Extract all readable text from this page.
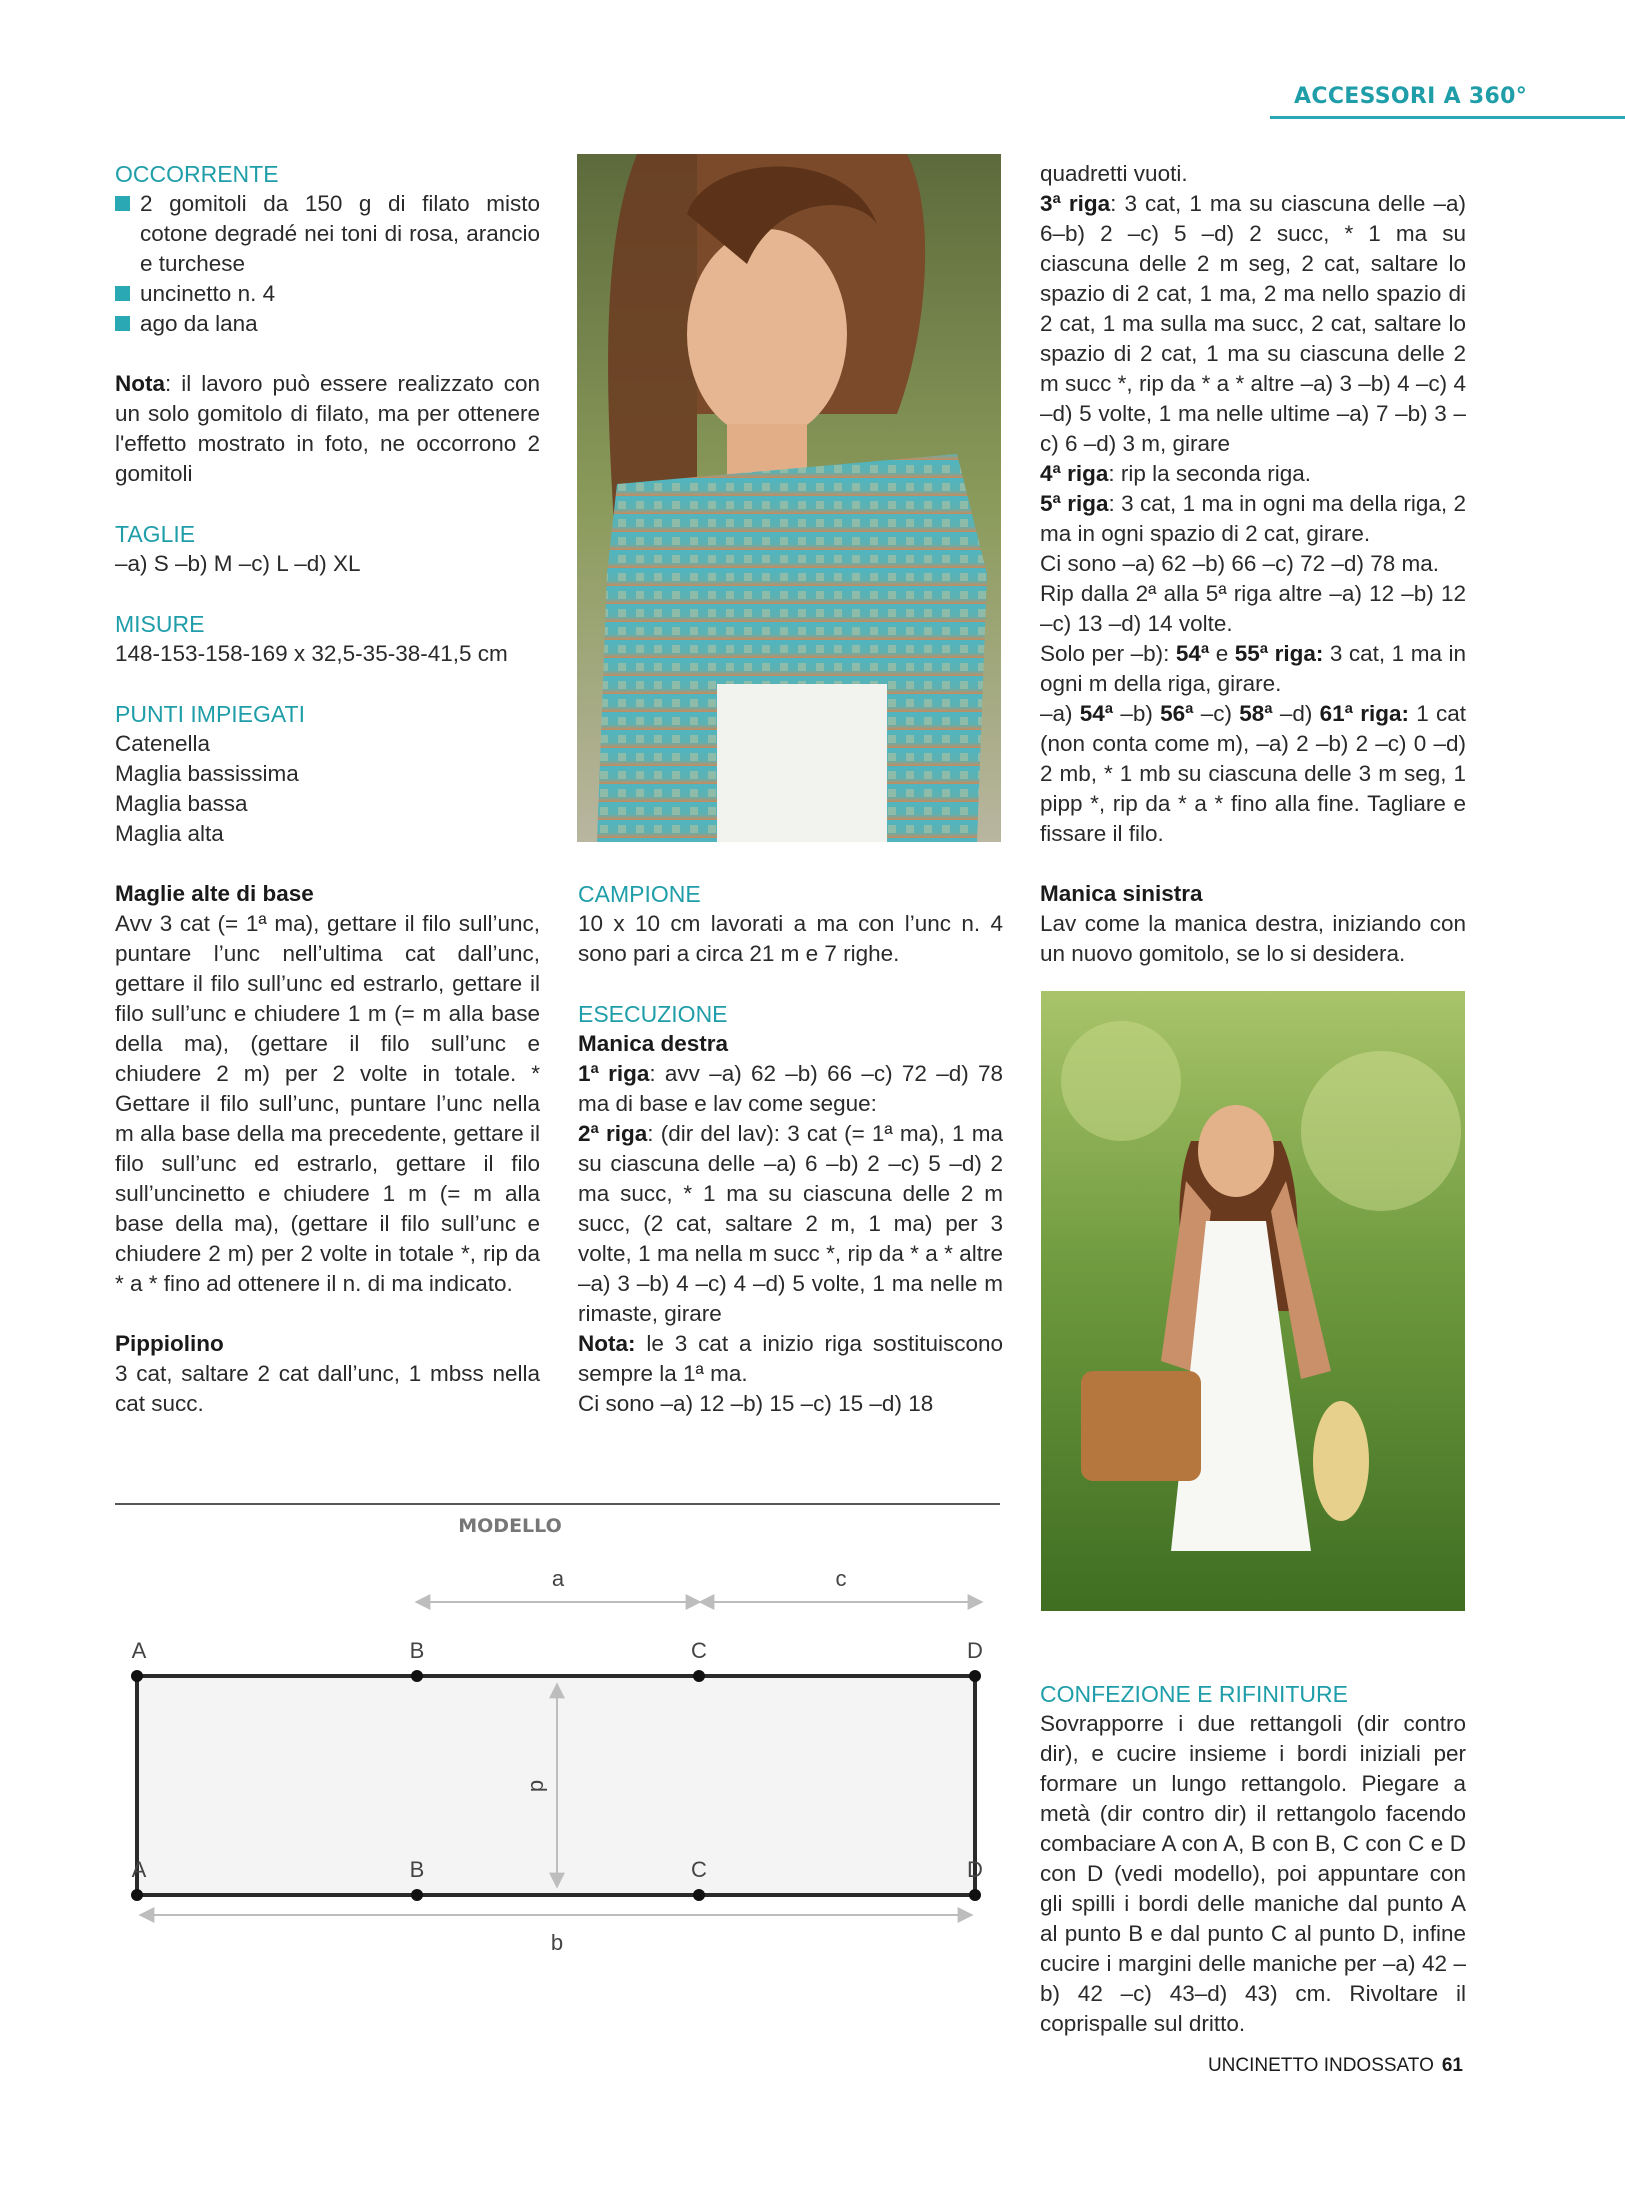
ACCESSORI A 360°
OCCORRENTE
2 gomitoli da 150 g di filato misto cotone degradé nei toni di rosa, arancio e turchese
uncinetto n. 4
ago da lana

Nota: il lavoro può essere realizzato con un solo gomitolo di filato, ma per ottenere l'effetto mostrato in foto, ne occorrono 2 gomitoli

TAGLIE
–a) S –b) M –c) L –d) XL
MISURE
148-153-158-169 x 32,5-35-38-41,5 cm
PUNTI IMPIEGATI
Catenella
Maglia bassissima
Maglia bassa
Maglia alta
Maglie alte di base

Avv 3 cat (= 1ª ma), gettare il filo sull’unc, puntare l’unc nell’ultima cat dall’unc, gettare il filo sull’unc ed estrarlo, gettare il filo sull’unc e chiudere 1 m (= m alla base della ma), (gettare il filo sull’unc e chiudere 2 m) per 2 volte in totale. * Gettare il filo sull’unc, puntare l’unc nella m alla base della ma precedente, gettare il filo sull’unc ed estrarlo, gettare il filo sull’uncinetto e chiudere 1 m (= m alla base della ma), (gettare il filo sull’unc e chiudere 2 m) per 2 volte in totale *, rip da * a * fino ad ottenere il n. di ma indicato.

Pippiolino

3 cat, saltare 2 cat dall’unc, 1 mbss nella cat succ.

CAMPIONE

10 x 10 cm lavorati a ma con l’unc n. 4 sono pari a circa 21 m e 7 righe.

ESECUZIONE
Manica destra

1ª riga: avv –a) 62 –b) 66 –c) 72 –d) 78 ma di base e lav come segue:

2ª riga: (dir del lav): 3 cat (= 1ª ma), 1 ma su ciascuna delle –a) 6 –b) 2 –c) 5 –d) 2 ma succ, * 1 ma su ciascuna delle 2 m succ, (2 cat, saltare 2 m, 1 ma) per 3 volte, 1 ma nella m succ *, rip da * a * altre –a) 3 –b) 4 –c) 4 –d) 5 volte, 1 ma nelle m rimaste, girare

Nota: le 3 cat a inizio riga sostituiscono sempre la 1ª ma.

Ci sono –a) 12 –b) 15 –c) 15 –d) 18

quadretti vuoti.

3ª riga: 3 cat, 1 ma su ciascuna delle –a) 6–b) 2 –c) 5 –d) 2 succ, * 1 ma su ciascuna delle 2 m seg, 2 cat, saltare lo spazio di 2 cat, 1 ma, 2 ma nello spazio di 2 cat, 1 ma sulla ma succ, 2 cat, saltare lo spazio di 2 cat, 1 ma su ciascuna delle 2 m succ *, rip da * a * altre –a) 3 –b) 4 –c) 4 –d) 5 volte, 1 ma nelle ultime –a) 7 –b) 3 –c) 6 –d) 3 m, girare

4ª riga: rip la seconda riga.

5ª riga: 3 cat, 1 ma in ogni ma della riga, 2 ma in ogni spazio di 2 cat, girare.

Ci sono –a) 62 –b) 66 –c) 72 –d) 78 ma.

Rip dalla 2ª alla 5ª riga altre –a) 12 –b) 12 –c) 13 –d) 14 volte.

Solo per –b): 54ª e 55ª riga: 3 cat, 1 ma in ogni m della riga, girare.

–a) 54ª –b) 56ª –c) 58ª –d) 61ª riga: 1 cat (non conta come m), –a) 2 –b) 2 –c) 0 –d) 2 mb, * 1 mb su ciascuna delle 3 m seg, 1 pipp *, rip da * a * fino alla fine. Tagliare e fissare il filo.

Manica sinistra

Lav come la manica destra, iniziando con un nuovo gomitolo, se lo si desidera.

CONFEZIONE E RIFINITURE

Sovrapporre i due rettangoli (dir contro dir), e cucire insieme i bordi iniziali per formare un lungo rettangolo. Piegare a metà (dir contro dir) il rettangolo facendo combaciare A con A, B con B, C con C e D con D (vedi modello), poi appuntare con gli spilli i bordi delle maniche dal punto A al punto B e dal punto C al punto D, infine cucire i margini delle maniche per –a) 42 –b) 42 –c) 43–d) 43) cm. Rivoltare il coprispalle sul dritto.

MODELLO
a	c
d
A	B	C	D
A	B	C	D
b
UNCINETTO INDOSSATO 61
